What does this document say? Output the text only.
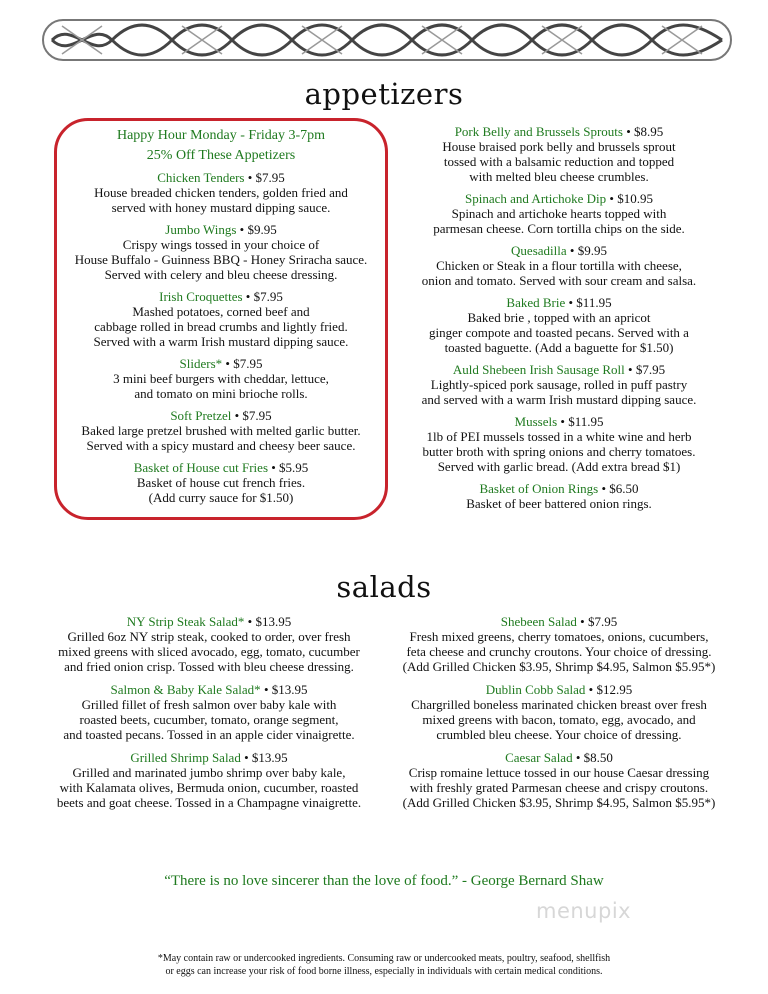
appetizers
Happy Hour Monday - Friday 3-7pm
25% Off These Appetizers
Chicken Tenders • $7.95
House breaded chicken tenders, golden fried and
served with honey mustard dipping sauce.
Jumbo Wings • $9.95
Crispy wings tossed in your choice of
House Buffalo - Guinness BBQ - Honey Sriracha sauce.
Served with celery and bleu cheese dressing.
Irish Croquettes • $7.95
Mashed potatoes, corned beef and
cabbage rolled in bread crumbs and lightly fried.
Served with a warm Irish mustard dipping sauce.
Sliders* • $7.95
3 mini beef burgers with cheddar, lettuce,
and tomato on mini brioche rolls.
Soft Pretzel • $7.95
Baked large pretzel brushed with melted garlic butter.
Served with a spicy mustard and cheesy beer sauce.
Basket of House cut Fries • $5.95
Basket of house cut french fries.
(Add curry sauce for $1.50)
Pork Belly and Brussels Sprouts • $8.95
House braised pork belly and brussels sprout
tossed with a balsamic reduction and topped
with melted bleu cheese crumbles.
Spinach and Artichoke Dip • $10.95
Spinach and artichoke hearts topped with
parmesan cheese. Corn tortilla chips on the side.
Quesadilla • $9.95
Chicken or Steak in a flour tortilla with cheese,
onion and tomato. Served with sour cream and salsa.
Baked Brie • $11.95
Baked brie , topped with an apricot
ginger compote and toasted pecans. Served with a
toasted baguette. (Add a baguette for $1.50)
Auld Shebeen Irish Sausage Roll • $7.95
Lightly-spiced pork sausage, rolled in puff pastry
and served with a warm Irish mustard dipping sauce.
Mussels • $11.95
1lb of PEI mussels tossed in a white wine and herb
butter broth with spring onions and cherry tomatoes.
Served with garlic bread. (Add extra bread $1)
Basket of Onion Rings • $6.50
Basket of beer battered onion rings.
salads
NY Strip Steak Salad* • $13.95
Grilled 6oz NY strip steak, cooked to order, over fresh
mixed greens with sliced avocado, egg, tomato, cucumber
and fried onion crisp. Tossed with bleu cheese dressing.
Salmon & Baby Kale Salad* • $13.95
Grilled fillet of fresh salmon over baby kale with
roasted beets, cucumber, tomato, orange segment,
and toasted pecans. Tossed in an apple cider vinaigrette.
Grilled Shrimp Salad • $13.95
Grilled and marinated jumbo shrimp over baby kale,
with Kalamata olives, Bermuda onion, cucumber, roasted
beets and goat cheese. Tossed in a Champagne vinaigrette.
Shebeen Salad • $7.95
Fresh mixed greens, cherry tomatoes, onions, cucumbers,
feta cheese and crunchy croutons. Your choice of dressing.
(Add Grilled Chicken $3.95, Shrimp $4.95, Salmon $5.95*)
Dublin Cobb Salad • $12.95
Chargrilled boneless marinated chicken breast over fresh
mixed greens with bacon, tomato, egg, avocado, and
crumbled bleu cheese. Your choice of dressing.
Caesar Salad • $8.50
Crisp romaine lettuce tossed in our house Caesar dressing
with freshly grated Parmesan cheese and crispy croutons.
(Add Grilled Chicken $3.95, Shrimp $4.95, Salmon $5.95*)
“There is no love sincerer than the love of food.” - George Bernard Shaw
menupix
*May contain raw or undercooked ingredients. Consuming raw or undercooked meats, poultry, seafood, shellfish
or eggs can increase your risk of food borne illness, especially in individuals with certain medical conditions.
